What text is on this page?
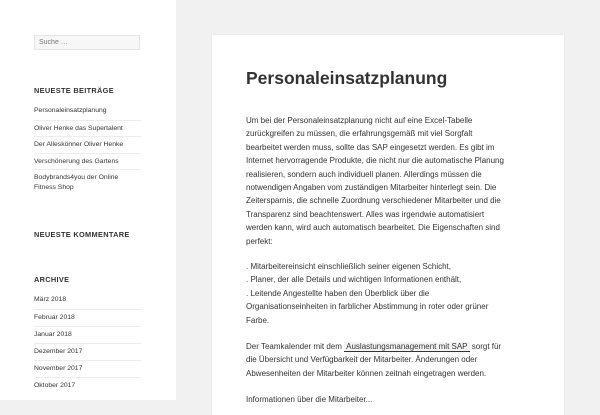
Suche …
NEUESTE BEITRÄGE
Personaleinsatzplanung
Oliver Henke das Supertalent
Der Alleskönner Oliver Henke
Verschönerung des Gartens
Bodybrands4you der Online Fitness Shop
NEUESTE KOMMENTARE
ARCHIVE
März 2018
Februar 2018
Januar 2018
Dezember 2017
November 2017
Oktober 2017
Personaleinsatzplanung

Um bei der Personaleinsatzplanung nicht auf eine Excel-Tabelle zurückgreifen zu müssen, die erfahrungsgemäß mit viel Sorgfalt bearbeitet werden muss, sollte das SAP eingesetzt werden. Es gibt im Internet hervorragende Produkte, die nicht nur die automatische Planung realisieren, sondern auch individuell planen. Allerdings müssen die notwendigen Angaben vom zuständigen Mitarbeiter hinterlegt sein. Die Zeitersparnis, die schnelle Zuordnung verschiedener Mitarbeiter und die Transparenz sind beachtenswert. Alles was irgendwie automatisiert werden kann, wird auch automatisch bearbeitet. Die Eigenschaften sind perfekt:

. Mitarbeitereinsicht einschließlich seiner eigenen Schicht,
. Planer, der alle Details und wichtigen Informationen enthält,
. Leitende Angestellte haben den Überblick über die Organisationseinheiten in farblicher Abstimmung in roter oder grüner Farbe.

Der Teamkalender mit dem Auslastungsmanagement mit SAP sorgt für die Übersicht und Verfügbarkeit der Mitarbeiter. Änderungen oder Abwesenheiten der Mitarbeiter können zeitnah eingetragen werden.

Informationen über die Mitarbeiter...
